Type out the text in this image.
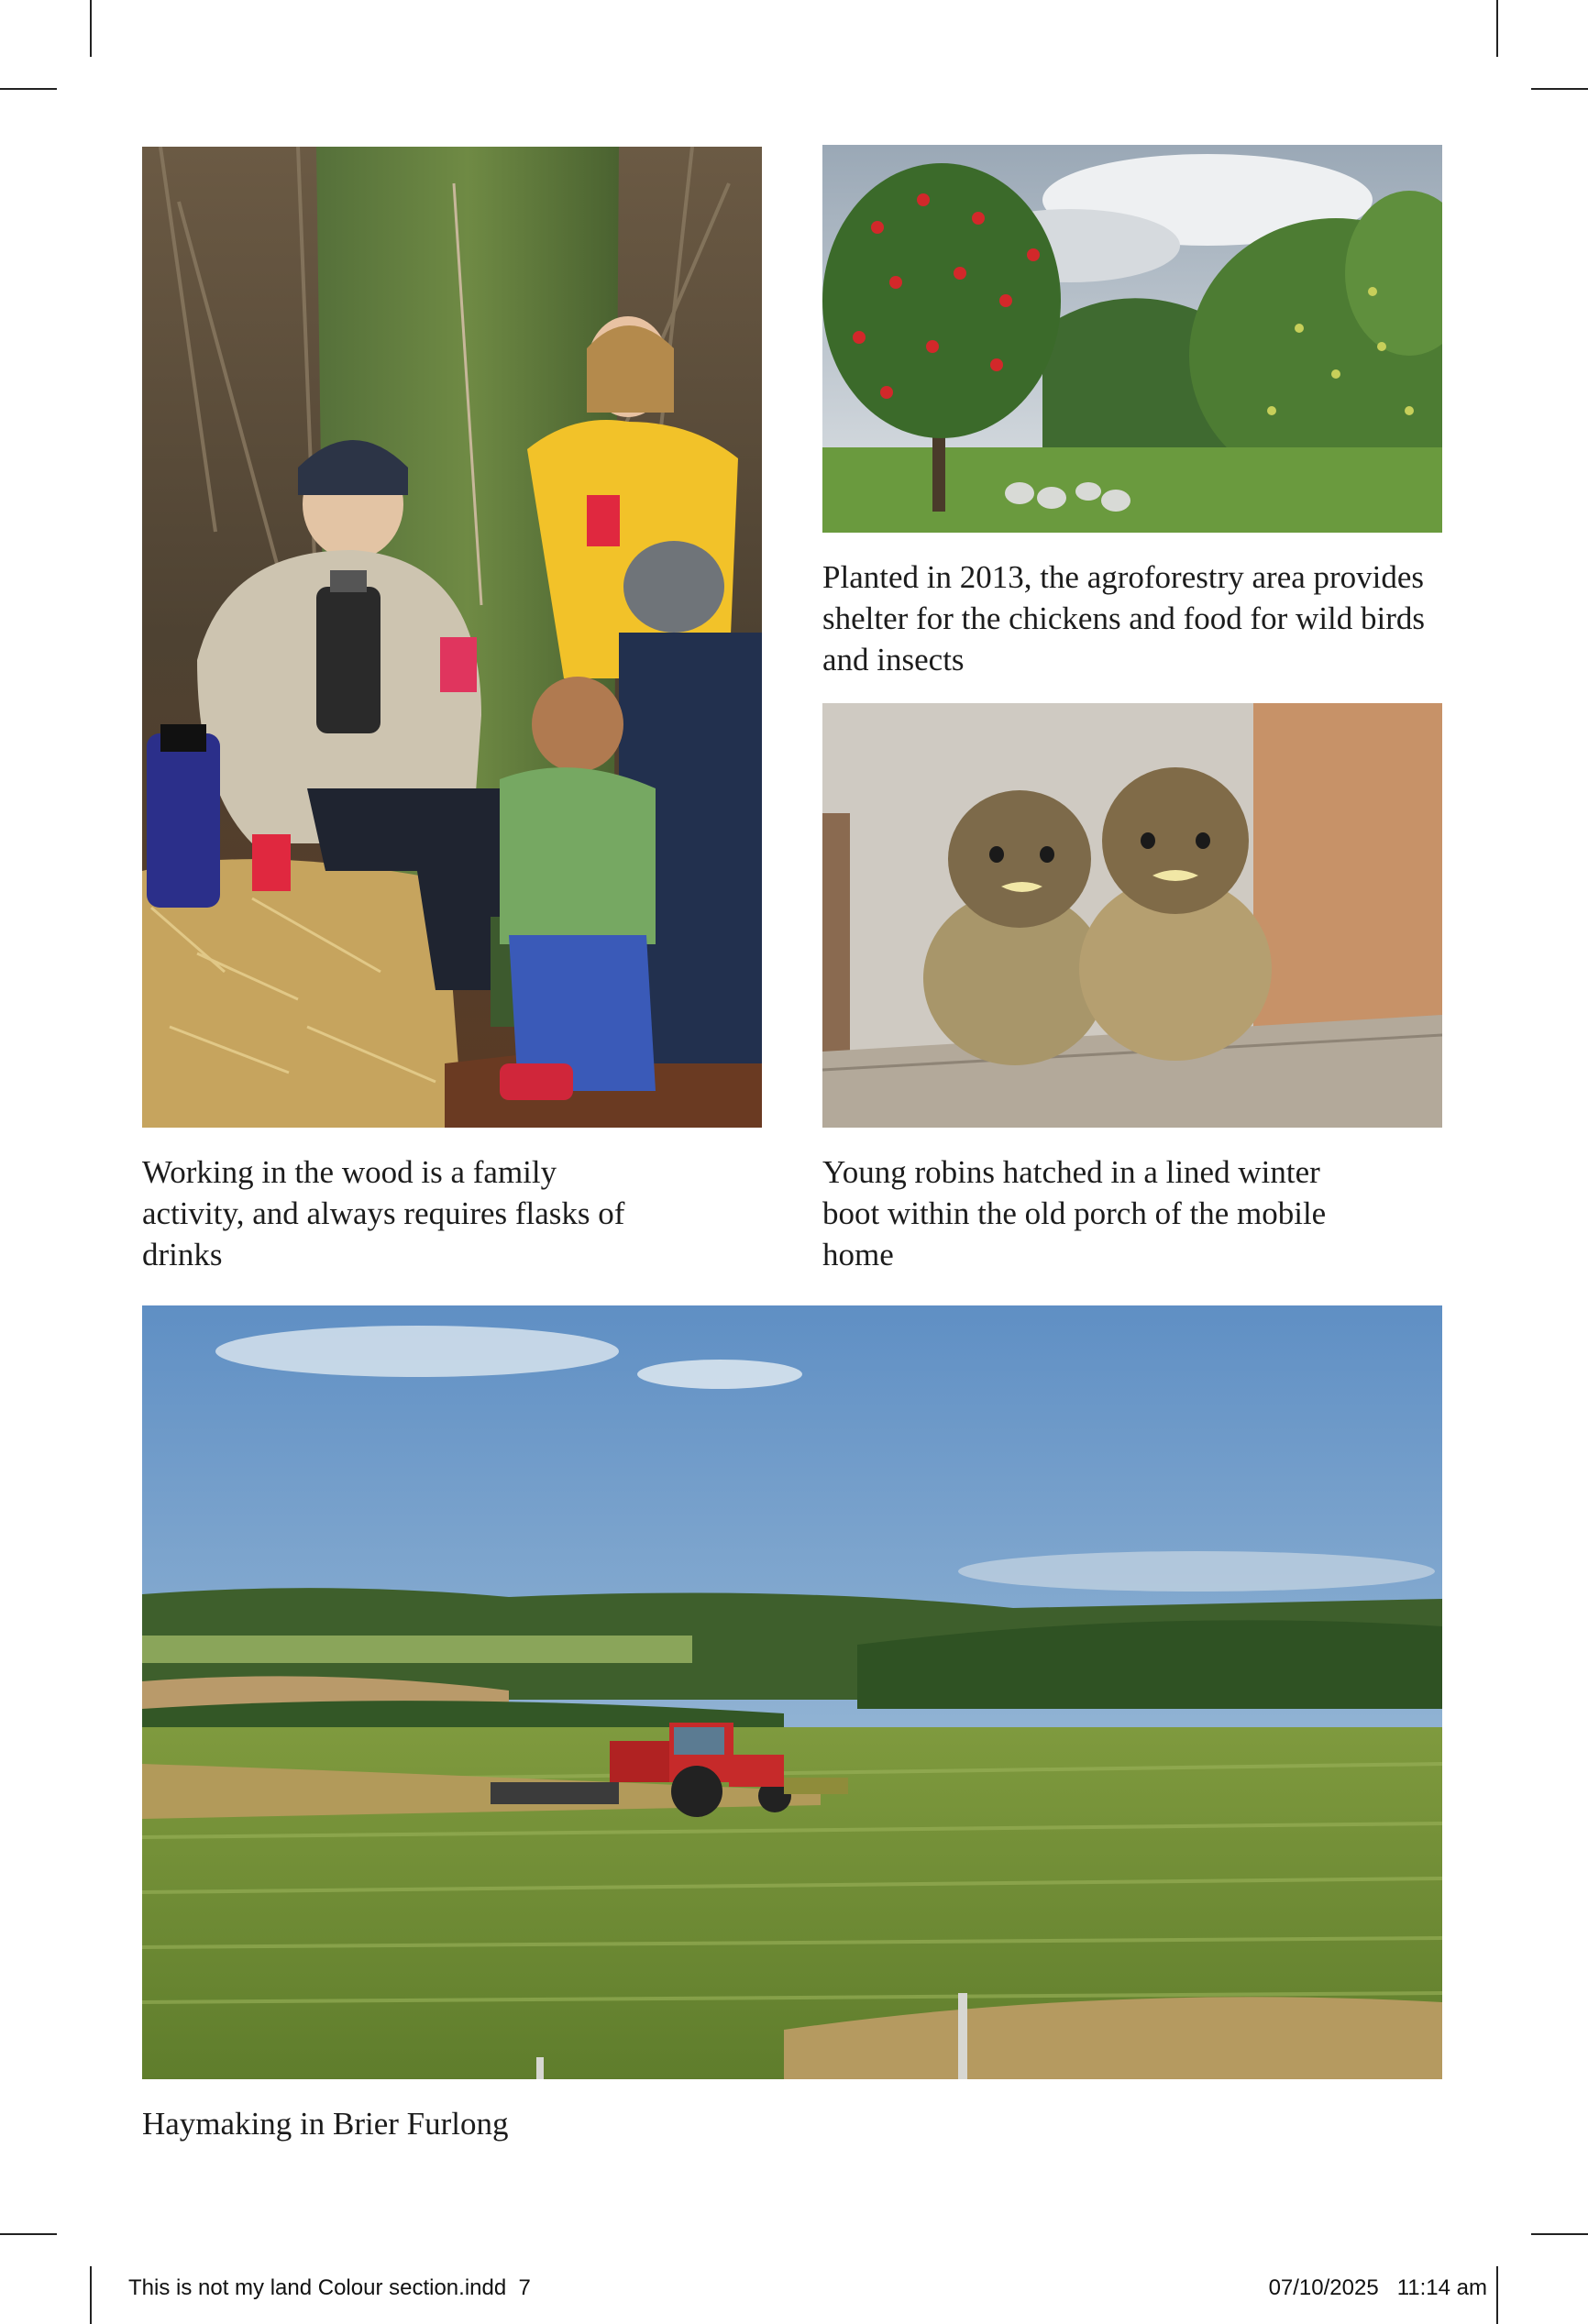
Planted in 2013, the agroforestry area provides shelter for the chickens and food for wild birds and insects

Working in the wood is a family activity, and always requires flasks of drinks

Young robins hatched in a lined winter boot within the old porch of the mobile home

Haymaking in Brier Furlong

This is not my land Colour section.indd 7	07/10/2025 11:14 am
